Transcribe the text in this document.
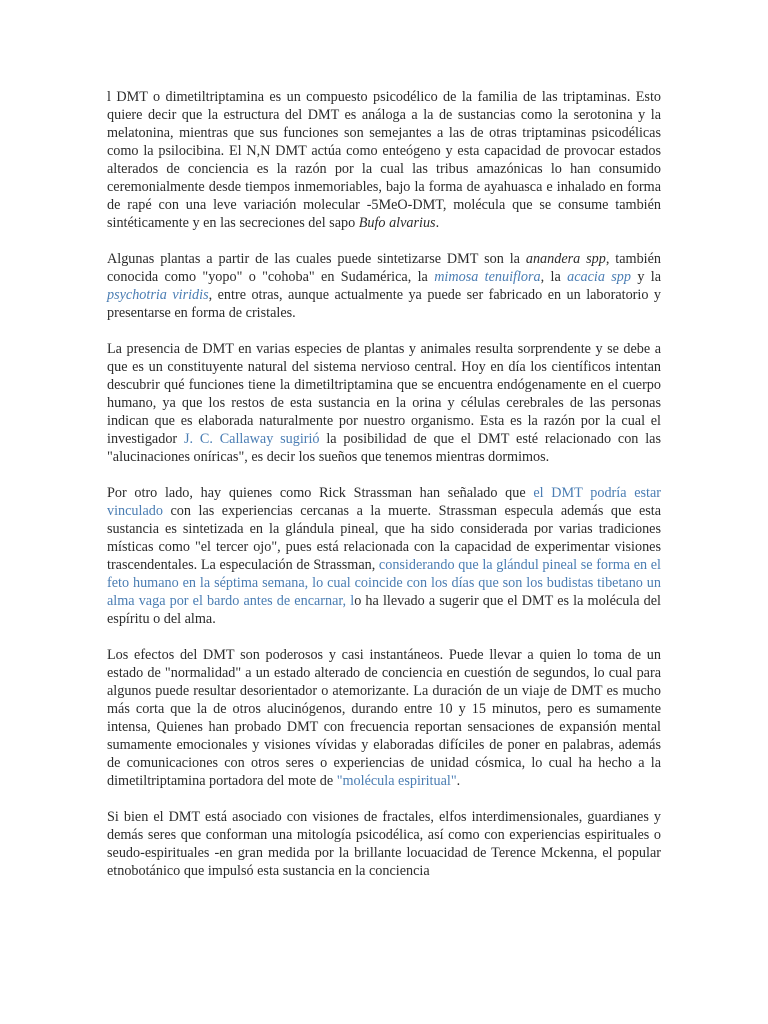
l DMT o dimetiltriptamina es un compuesto psicodélico de la familia de las triptaminas. Esto quiere decir que la estructura del DMT es análoga a la de sustancias como la serotonina y la melatonina, mientras que sus funciones son semejantes a las de otras triptaminas psicodélicas como la psilocibina. El N,N DMT actúa como enteógeno y esta capacidad de provocar estados alterados de conciencia es la razón por la cual las tribus amazónicas lo han consumido ceremonialmente desde tiempos inmemoriables, bajo la forma de ayahuasca e inhalado en forma de rapé con una leve variación molecular -5MeO-DMT, molécula que se consume también sintéticamente y en las secreciones del sapo Bufo alvarius.

Algunas plantas a partir de las cuales puede sintetizarse DMT son la anandera spp, también conocida como "yopo" o "cohoba" en Sudamérica, la mimosa tenuiflora, la acacia spp y la psychotria viridis, entre otras, aunque actualmente ya puede ser fabricado en un laboratorio y presentarse en forma de cristales.

La presencia de DMT en varias especies de plantas y animales resulta sorprendente y se debe a que es un constituyente natural del sistema nervioso central. Hoy en día los científicos intentan descubrir qué funciones tiene la dimetiltriptamina que se encuentra endógenamente en el cuerpo humano, ya que los restos de esta sustancia en la orina y células cerebrales de las personas indican que es elaborada naturalmente por nuestro organismo. Esta es la razón por la cual el investigador J. C. Callaway sugirió la posibilidad de que el DMT esté relacionado con las "alucinaciones oníricas", es decir los sueños que tenemos mientras dormimos.

Por otro lado, hay quienes como Rick Strassman han señalado que el DMT podría estar vinculado con las experiencias cercanas a la muerte. Strassman especula además que esta sustancia es sintetizada en la glándula pineal, que ha sido considerada por varias tradiciones místicas como "el tercer ojo", pues está relacionada con la capacidad de experimentar visiones trascendentales. La especulación de Strassman, considerando que la glándul pineal se forma en el feto humano en la séptima semana, lo cual coincide con los días que son los budistas tibetano un alma vaga por el bardo antes de encarnar, lo ha llevado a sugerir que el DMT es la molécula del espíritu o del alma.

Los efectos del DMT son poderosos y casi instantáneos. Puede llevar a quien lo toma de un estado de "normalidad" a un estado alterado de conciencia en cuestión de segundos, lo cual para algunos puede resultar desorientador o atemorizante. La duración de un viaje de DMT es mucho más corta que la de otros alucinógenos, durando entre 10 y 15 minutos, pero es sumamente intensa, Quienes han probado DMT con frecuencia reportan sensaciones de expansión mental sumamente emocionales y visiones vívidas y elaboradas difíciles de poner en palabras, además de comunicaciones con otros seres o experiencias de unidad cósmica, lo cual ha hecho a la dimetiltriptamina portadora del mote de "molécula espiritual".

Si bien el DMT está asociado con visiones de fractales, elfos interdimensionales, guardianes y demás seres que conforman una mitología psicodélica, así como con experiencias espirituales o seudo-espirituales -en gran medida por la brillante locuacidad de Terence Mckenna, el popular etnobotánico que impulsó esta sustancia en la conciencia
